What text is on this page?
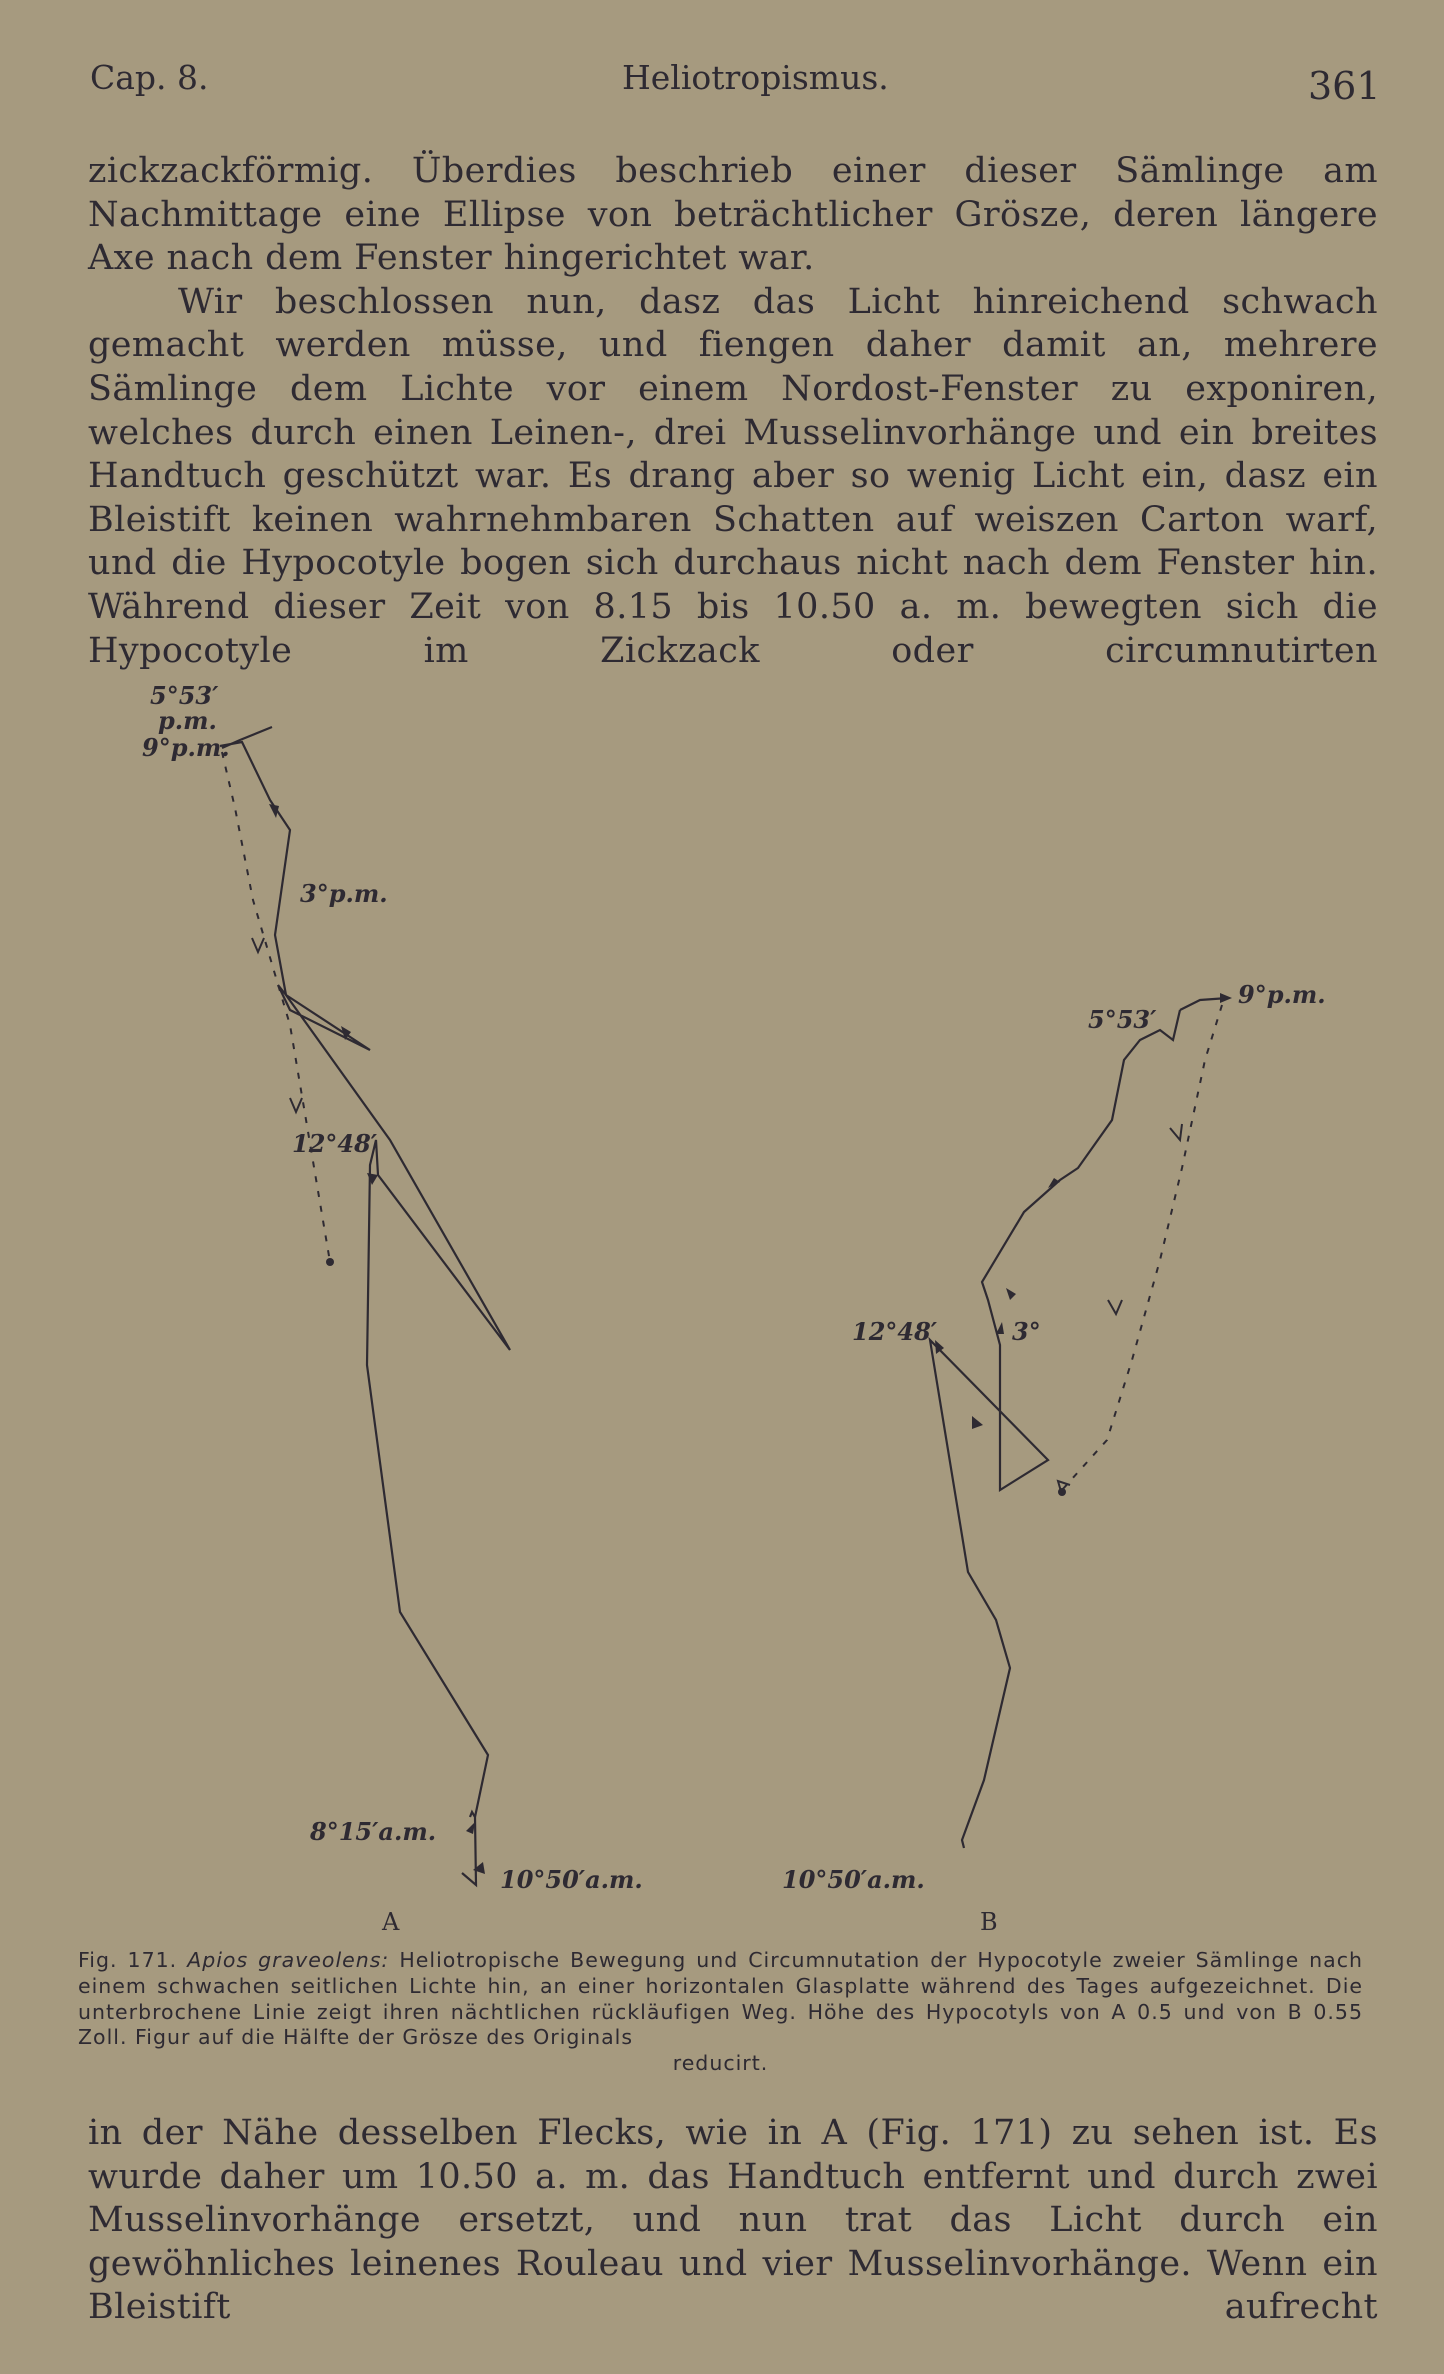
Cap. 8.	Heliotropismus.	361

zickzackförmig. Überdies beschrieb einer dieser Sämlinge am Nachmittage eine Ellipse von beträchtlicher Grösze, deren längere Axe nach dem Fenster hingerichtet war.

Wir beschlossen nun, dasz das Licht hinreichend schwach gemacht werden müsse, und fiengen daher damit an, mehrere Sämlinge dem Lichte vor einem Nordost-Fenster zu exponiren, welches durch einen Leinen-, drei Musselinvorhänge und ein breites Handtuch geschützt war. Es drang aber so wenig Licht ein, dasz ein Bleistift keinen wahrnehmbaren Schatten auf weiszen Carton warf, und die Hypocotyle bogen sich durchaus nicht nach dem Fenster hin. Während dieser Zeit von 8.15 bis 10.50 a. m. bewegten sich die Hypocotyle im Zickzack oder circumnutirten

5°53′
p.m.
9°p.m.
3°p.m.
12°48′
8°15′a.m.
10°50′a.m.
A
5°53′
9°p.m.
12°48′	3°
10°50′a.m.
B
Fig. 171. Apios graveolens: Heliotropische Bewegung und Circumnutation der Hypocotyle zweier Sämlinge nach einem schwachen seitlichen Lichte hin, an einer horizontalen Glasplatte während des Tages aufgezeichnet. Die unterbrochene Linie zeigt ihren nächtlichen rückläufigen Weg. Höhe des Hypocotyls von A 0.5 und von B 0.55 Zoll. Figur auf die Hälfte der Grösze des Originals
reducirt.

in der Nähe desselben Flecks, wie in A (Fig. 171) zu sehen ist. Es wurde daher um 10.50 a. m. das Handtuch entfernt und durch zwei Musselinvorhänge ersetzt, und nun trat das Licht durch ein gewöhnliches leinenes Rouleau und vier Musselinvorhänge. Wenn ein Bleistift aufrecht
